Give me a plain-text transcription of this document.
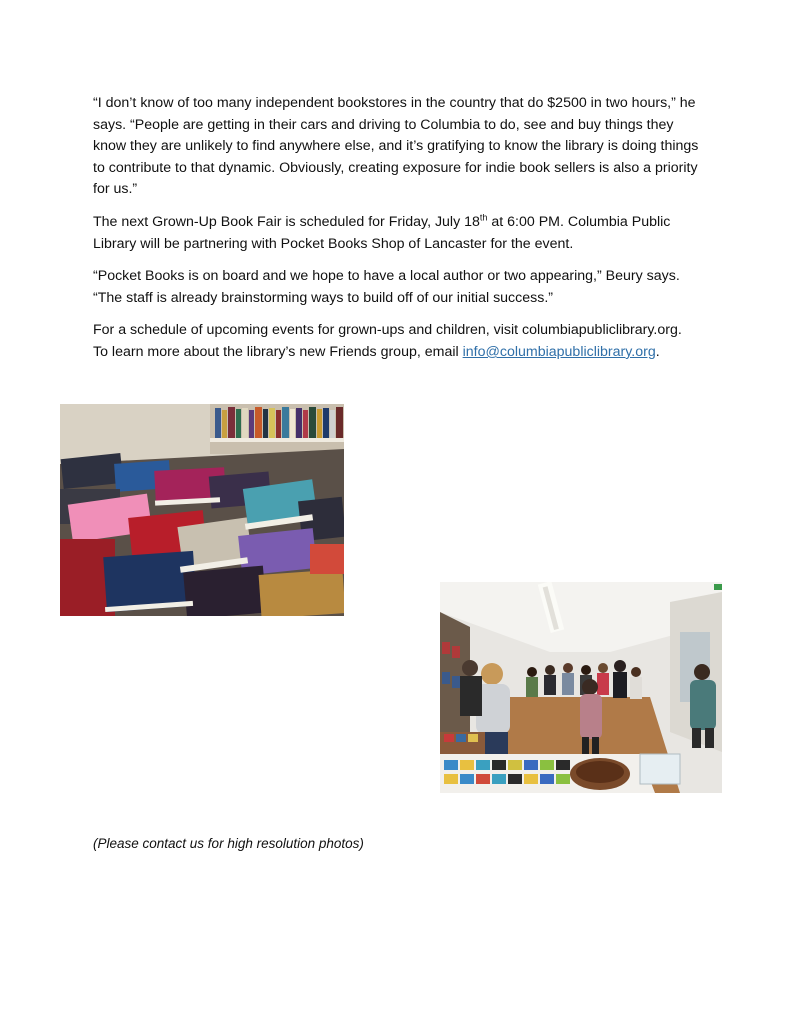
“I don’t know of too many independent bookstores in the country that do $2500 in two hours,” he says. “People are getting in their cars and driving to Columbia to do, see and buy things they know they are unlikely to find anywhere else, and it’s gratifying to know the library is doing things to contribute to that dynamic. Obviously, creating exposure for indie book sellers is also a priority for us.”

The next Grown-Up Book Fair is scheduled for Friday, July 18th at 6:00 PM. Columbia Public Library will be partnering with Pocket Books Shop of Lancaster for the event.

“Pocket Books is on board and we hope to have a local author or two appearing,” Beury says. “The staff is already brainstorming ways to build off of our initial success.”

For a schedule of upcoming events for grown-ups and children, visit columbiapubliclibrary.org.
To learn more about the library’s new Friends group, email info@columbiapubliclibrary.org.

(Please contact us for high resolution photos)
